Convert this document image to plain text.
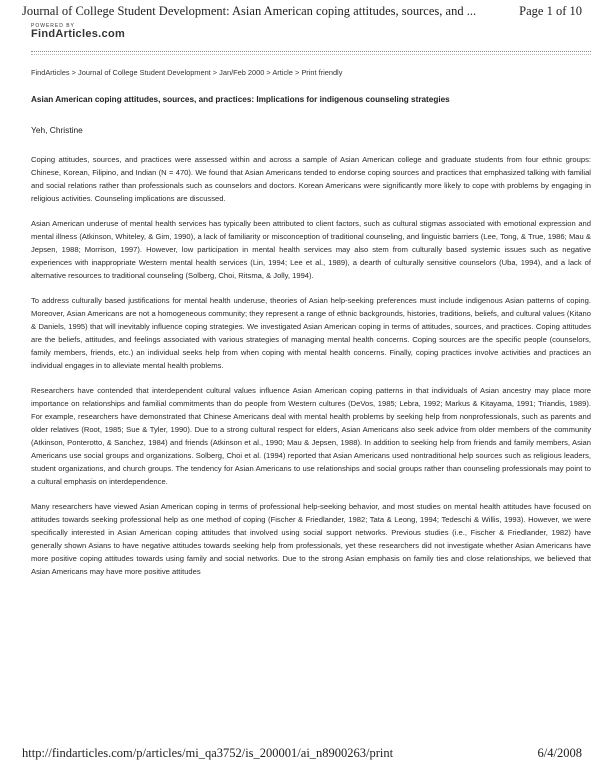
Journal of College Student Development: Asian American coping attitudes, sources, and ...	Page 1 of 10
POWERED BY
FindArticles.com
FindArticles > Journal of College Student Development > Jan/Feb 2000 > Article > Print friendly
Asian American coping attitudes, sources, and practices: Implications for indigenous counseling strategies
Yeh, Christine

Coping attitudes, sources, and practices were assessed within and across a sample of Asian American college and graduate students from four ethnic groups: Chinese, Korean, Filipino, and Indian (N = 470). We found that Asian Americans tended to endorse coping sources and practices that emphasized talking with familial and social relations rather than professionals such as counselors and doctors. Korean Americans were significantly more likely to cope with problems by engaging in religious activities. Counseling implications are discussed.

Asian American underuse of mental health services has typically been attributed to client factors, such as cultural stigmas associated with emotional expression and mental illness (Atkinson, Whiteley, & Gim, 1990), a lack of familiarity or misconception of traditional counseling, and linguistic barriers (Lee, Tong, & True, 1986; Mau & Jepsen, 1988; Morrison, 1997). However, low participation in mental health services may also stem from culturally based systemic issues such as negative experiences with inappropriate Western mental health services (Lin, 1994; Lee et al., 1989), a dearth of culturally sensitive counselors (Uba, 1994), and a lack of alternative resources to traditional counseling (Solberg, Choi, Ritsma, & Jolly, 1994).

To address culturally based justifications for mental health underuse, theories of Asian help-seeking preferences must include indigenous Asian patterns of coping. Moreover, Asian Americans are not a homogeneous community; they represent a range of ethnic backgrounds, histories, traditions, beliefs, and cultural values (Kitano & Daniels, 1995) that will inevitably influence coping strategies. We investigated Asian American coping in terms of attitudes, sources, and practices. Coping attitudes are the beliefs, attitudes, and feelings associated with various strategies of managing mental health concerns. Coping sources are the specific people (counselors, family members, friends, etc.) an individual seeks help from when coping with mental health concerns. Finally, coping practices involve activities and practices an individual engages in to alleviate mental health problems.

Researchers have contended that interdependent cultural values influence Asian American coping patterns in that individuals of Asian ancestry may place more importance on relationships and familial commitments than do people from Western cultures (DeVos, 1985; Lebra, 1992; Markus & Kitayama, 1991; Triandis, 1989). For example, researchers have demonstrated that Chinese Americans deal with mental health problems by seeking help from nonprofessionals, such as parents and older relatives (Root, 1985; Sue & Tyler, 1990). Due to a strong cultural respect for elders, Asian Americans also seek advice from older members of the community (Atkinson, Ponterotto, & Sanchez, 1984) and friends (Atkinson et al., 1990; Mau & Jepsen, 1988). In addition to seeking help from friends and family members, Asian Americans use social groups and organizations. Solberg, Choi et al. (1994) reported that Asian Americans used nontraditional help sources such as religious leaders, student organizations, and church groups. The tendency for Asian Americans to use relationships and social groups rather than counseling professionals may point to a cultural emphasis on interdependence.

Many researchers have viewed Asian American coping in terms of professional help-seeking behavior, and most studies on mental health attitudes have focused on attitudes towards seeking professional help as one method of coping (Fischer & Friedlander, 1982; Tata & Leong, 1994; Tedeschi & Willis, 1993). However, we were specifically interested in Asian American coping attitudes that involved using social support networks. Previous studies (i.e., Fischer & Friedlander, 1982) have generally shown Asians to have negative attitudes towards seeking help from professionals, yet these researchers did not investigate whether Asian Americans have more positive coping attitudes towards using family and social networks. Due to the strong Asian emphasis on family ties and close relationships, we believed that Asian Americans may have more positive attitudes

http://findarticles.com/p/articles/mi_qa3752/is_200001/ai_n8900263/print	6/4/2008
